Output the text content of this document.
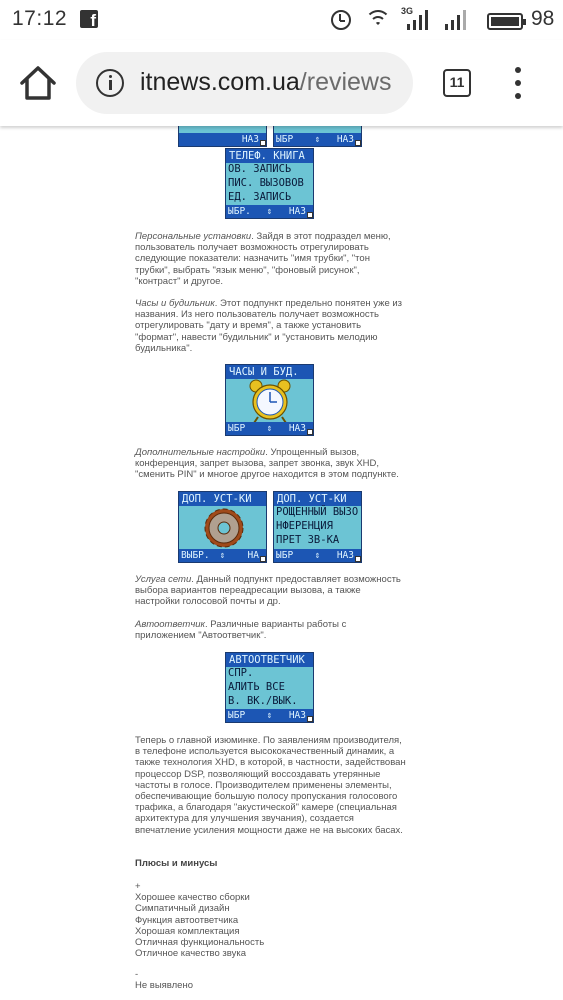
17:12 f	3G	98
itnews.com.ua/reviews	11
НАЗ ЫБР ⇕ НАЗ
ТЕЛЕФ. КНИГА
ОВ. ЗАПИСЬ
ПИС. ВЫЗОВОВ
ЕД. ЗАПИСЬ
ЫБР. ⇕ НАЗ

Персональные установки. Зайдя в этот подраздел меню, пользователь получает возможность отрегулировать следующие показатели: назначить "имя трубки", "тон трубки", выбрать "язык меню", "фоновый рисунок", "контраст" и другое.

Часы и будильник. Этот подпункт предельно понятен уже из названия. Из него пользователь получает возможность отрегулировать "дату и время", а также установить "формат", навести "будильник" и "установить мелодию будильника".

Дополнительные настройки. Упрощенный вызов, конференция, запрет вызова, запрет звонка, звук XHD, "сменить PIN" и многое другое находится в этом подпункте.

Услуга сети. Данный подпункт предоставляет возможность выбора вариантов переадресации вызова, а также настройки голосовой почты и др.

Автоответчик. Различные варианты работы с приложением "Автоответчик".

Теперь о главной изюминке. По заявлениям производителя, в телефоне используется высококачественный динамик, а также технология XHD, в которой, в частности, задействован процессор DSP, позволяющий воссоздавать утерянные частоты в голосе. Производителем применены элементы, обеспечивающие большую полосу пропускания голосового трафика, а благодаря "акустической" камере (специальная архитектура для улучшения звучания), создается впечатление усиления мощности даже не на высоких басах.

Плюсы и минусы

+
Хорошее качество сборки
Симпатичный дизайн
Функция автоответчика
Хорошая комплектация
Отличная функциональность
Отличное качество звука

-
Не выявлено

ЧАСЫ И БУД.
ЫБР ⇕ НАЗ
ДОП. УСТ-КИ
ВЫБР. ⇕ НА
ДОП. УСТ-КИ
РОЩЕННЫЙ ВЫЗО
НФЕРЕНЦИЯ
ПРЕТ ЗВ-КА
ЫБР ⇕ НАЗ
АВТООТВЕТЧИК
СПР.
АЛИТЬ ВСЕ
В. ВК./ВЫК.
ЫБР ⇕ НАЗ
